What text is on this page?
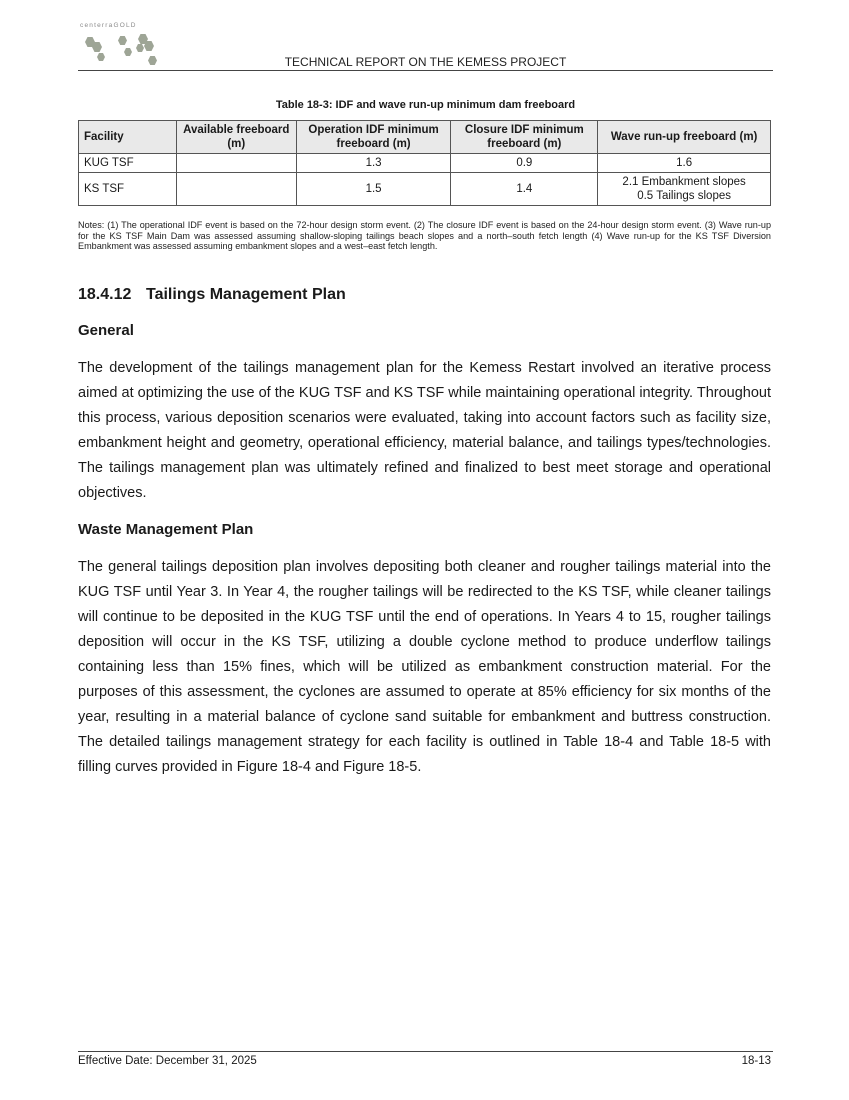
centerraGOLD
TECHNICAL REPORT ON THE KEMESS PROJECT
Table 18-3: IDF and wave run-up minimum dam freeboard
Facility	Available freeboard (m)	Operation IDF minimum freeboard (m)	Closure IDF minimum freeboard (m)	Wave run-up freeboard (m)
KUG TSF		1.3	0.9	1.6

KS TSF		1.5	1.4	2.1 Embankment slopes
0.5 Tailings slopes
Notes: (1) The operational IDF event is based on the 72-hour design storm event. (2) The closure IDF event is based on the 24-hour design storm event. (3) Wave run-up for the KS TSF Main Dam was assessed assuming shallow-sloping tailings beach slopes and a north–south fetch length (4) Wave run-up for the KS TSF Diversion Embankment was assessed assuming embankment slopes and a west–east fetch length.
18.4.12 Tailings Management Plan
General
The development of the tailings management plan for the Kemess Restart involved an iterative process aimed at optimizing the use of the KUG TSF and KS TSF while maintaining operational integrity. Throughout this process, various deposition scenarios were evaluated, taking into account factors such as facility size, embankment height and geometry, operational efficiency, material balance, and tailings types/technologies. The tailings management plan was ultimately refined and finalized to best meet storage and operational objectives.
Waste Management Plan
The general tailings deposition plan involves depositing both cleaner and rougher tailings material into the KUG TSF until Year 3. In Year 4, the rougher tailings will be redirected to the KS TSF, while cleaner tailings will continue to be deposited in the KUG TSF until the end of operations. In Years 4 to 15, rougher tailings deposition will occur in the KS TSF, utilizing a double cyclone method to produce underflow tailings containing less than 15% fines, which will be utilized as embankment construction material. For the purposes of this assessment, the cyclones are assumed to operate at 85% efficiency for six months of the year, resulting in a material balance of cyclone sand suitable for embankment and buttress construction. The detailed tailings management strategy for each facility is outlined in Table 18-4 and Table 18-5 with filling curves provided in Figure 18-4 and Figure 18-5.
Effective Date: December 31, 2025	18-13
